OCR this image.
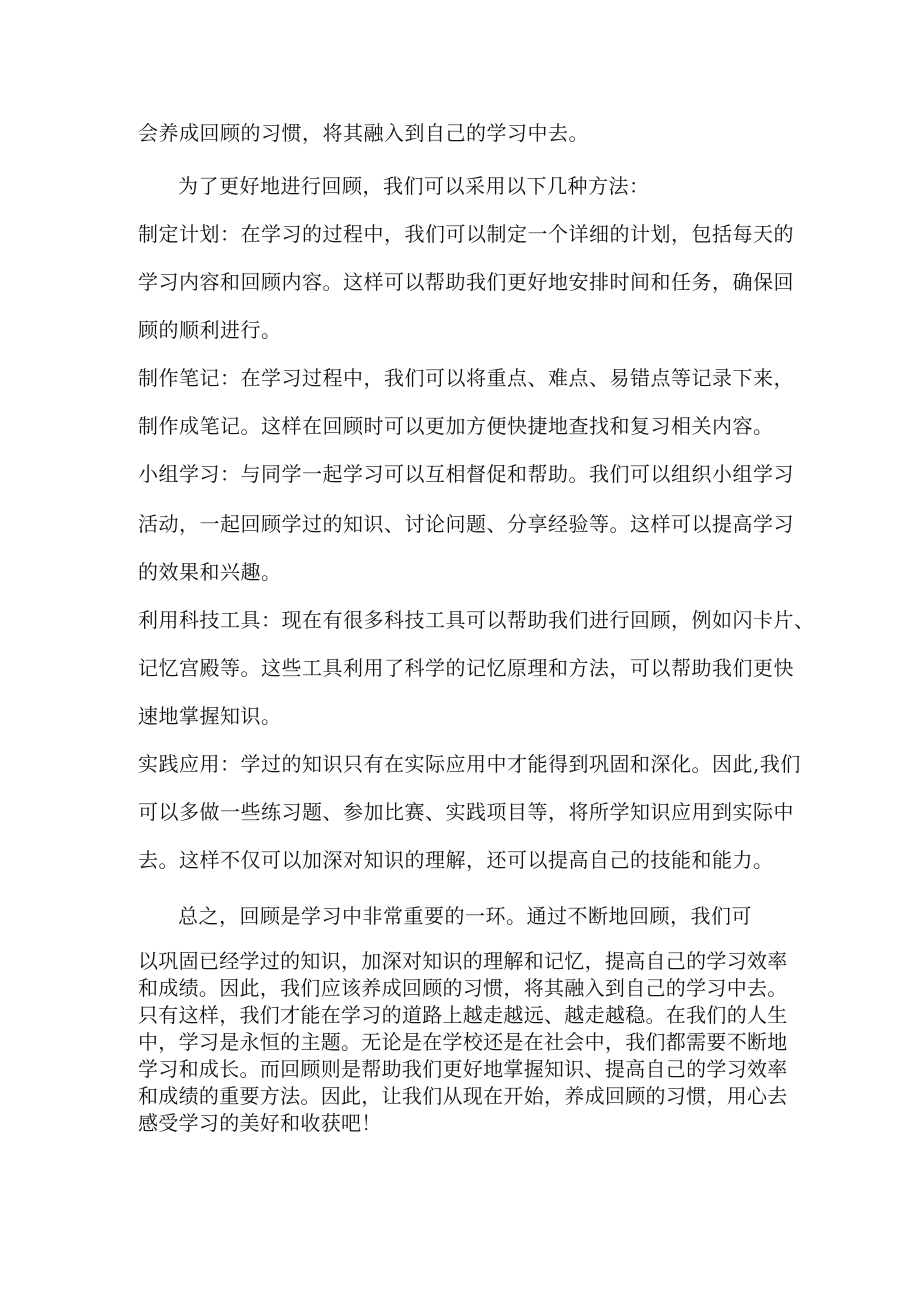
会养成回顾的习惯，将其融入到自己的学习中去。
为了更好地进行回顾，我们可以采用以下几种方法：
制定计划：在学习的过程中，我们可以制定一个详细的计划，包括每天的
学习内容和回顾内容。这样可以帮助我们更好地安排时间和任务，确保回
顾的顺利进行。
制作笔记：在学习过程中，我们可以将重点、难点、易错点等记录下来，
制作成笔记。这样在回顾时可以更加方便快捷地查找和复习相关内容。
小组学习：与同学一起学习可以互相督促和帮助。我们可以组织小组学习
活动，一起回顾学过的知识、讨论问题、分享经验等。这样可以提高学习
的效果和兴趣。
利用科技工具：现在有很多科技工具可以帮助我们进行回顾，例如闪卡片、
记忆宫殿等。这些工具利用了科学的记忆原理和方法，可以帮助我们更快
速地掌握知识。
实践应用：学过的知识只有在实际应用中才能得到巩固和深化。因此,我们
可以多做一些练习题、参加比赛、实践项目等，将所学知识应用到实际中
去。这样不仅可以加深对知识的理解，还可以提高自己的技能和能力。
总之，回顾是学习中非常重要的一环。通过不断地回顾，我们可
以巩固已经学过的知识，加深对知识的理解和记忆，提高自己的学习效率
和成绩。因此，我们应该养成回顾的习惯，将其融入到自己的学习中去。
只有这样，我们才能在学习的道路上越走越远、越走越稳。在我们的人生
中，学习是永恒的主题。无论是在学校还是在社会中，我们都需要不断地
学习和成长。而回顾则是帮助我们更好地掌握知识、提高自己的学习效率
和成绩的重要方法。因此，让我们从现在开始，养成回顾的习惯，用心去
感受学习的美好和收获吧！
